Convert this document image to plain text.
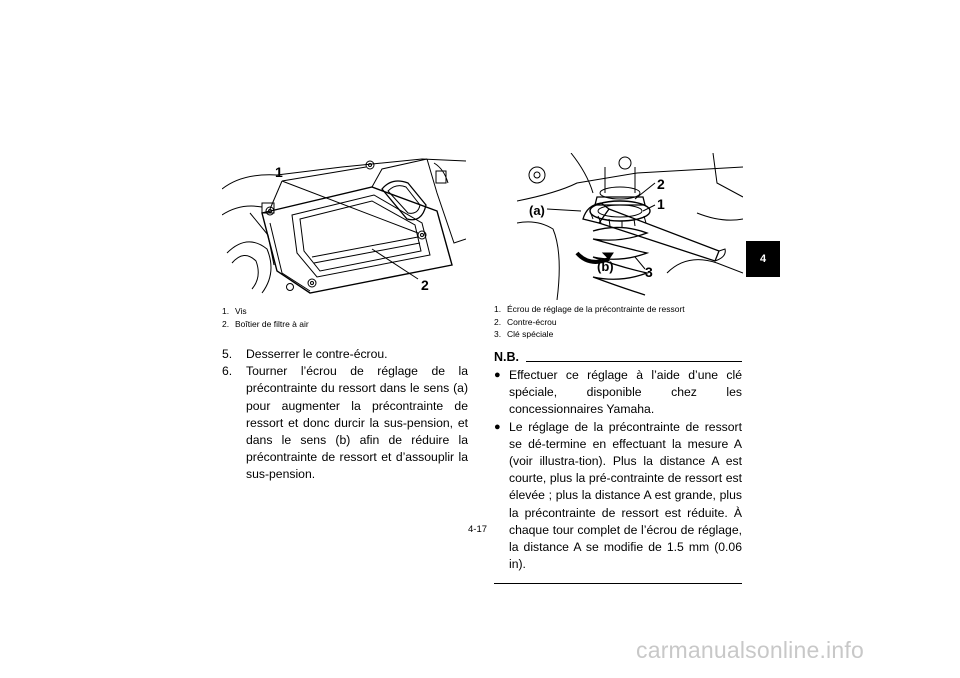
1
2
1. Vis
2. Boîtier de filtre à air
5. Desserrer le contre-écrou.
6. Tourner l’écrou de réglage de la précontrainte du ressort dans le sens (a) pour augmenter la précontrainte de ressort et donc durcir la sus-pension, et dans le sens (b) afin de réduire la précontrainte de ressort et d’assouplir la sus-pension.
(a)
(b)
2
1
3
1. Écrou de réglage de la précontrainte de ressort
2. Contre-écrou
3. Clé spéciale
N.B.
● Effectuer ce réglage à l’aide d’une clé spéciale, disponible chez les concessionnaires Yamaha.
● Le réglage de la précontrainte de ressort se dé-termine en effectuant la mesure A (voir illustra-tion). Plus la distance A est courte, plus la pré-contrainte de ressort est élevée ; plus la distance A est grande, plus la précontrainte de ressort est réduite. À chaque tour complet de l’écrou de réglage, la distance A se modifie de 1.5 mm (0.06 in).
4
4-17
carmanualsonline.info
